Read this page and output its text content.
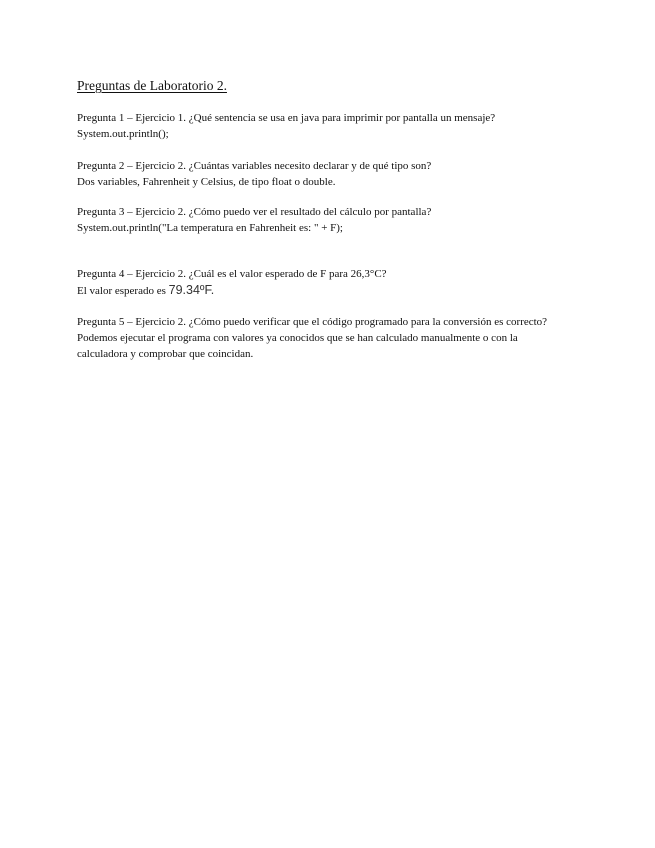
Preguntas de Laboratorio 2.
Pregunta 1 – Ejercicio 1. ¿Qué sentencia se usa en java para imprimir por pantalla un mensaje?
System.out.println();
Pregunta 2 – Ejercicio 2. ¿Cuántas variables necesito declarar y de qué tipo son?
Dos variables, Fahrenheit y Celsius, de tipo float o double.
Pregunta 3 – Ejercicio 2. ¿Cómo puedo ver el resultado del cálculo por pantalla?
System.out.println("La temperatura en Fahrenheit es: " + F);
Pregunta 4 – Ejercicio 2. ¿Cuál es el valor esperado de F para 26,3°C?
El valor esperado es 79.34ºF.
Pregunta 5 – Ejercicio 2. ¿Cómo puedo verificar que el código programado para la conversión es correcto?
Podemos ejecutar el programa con valores ya conocidos que se han calculado manualmente o con la calculadora y comprobar que coincidan.
